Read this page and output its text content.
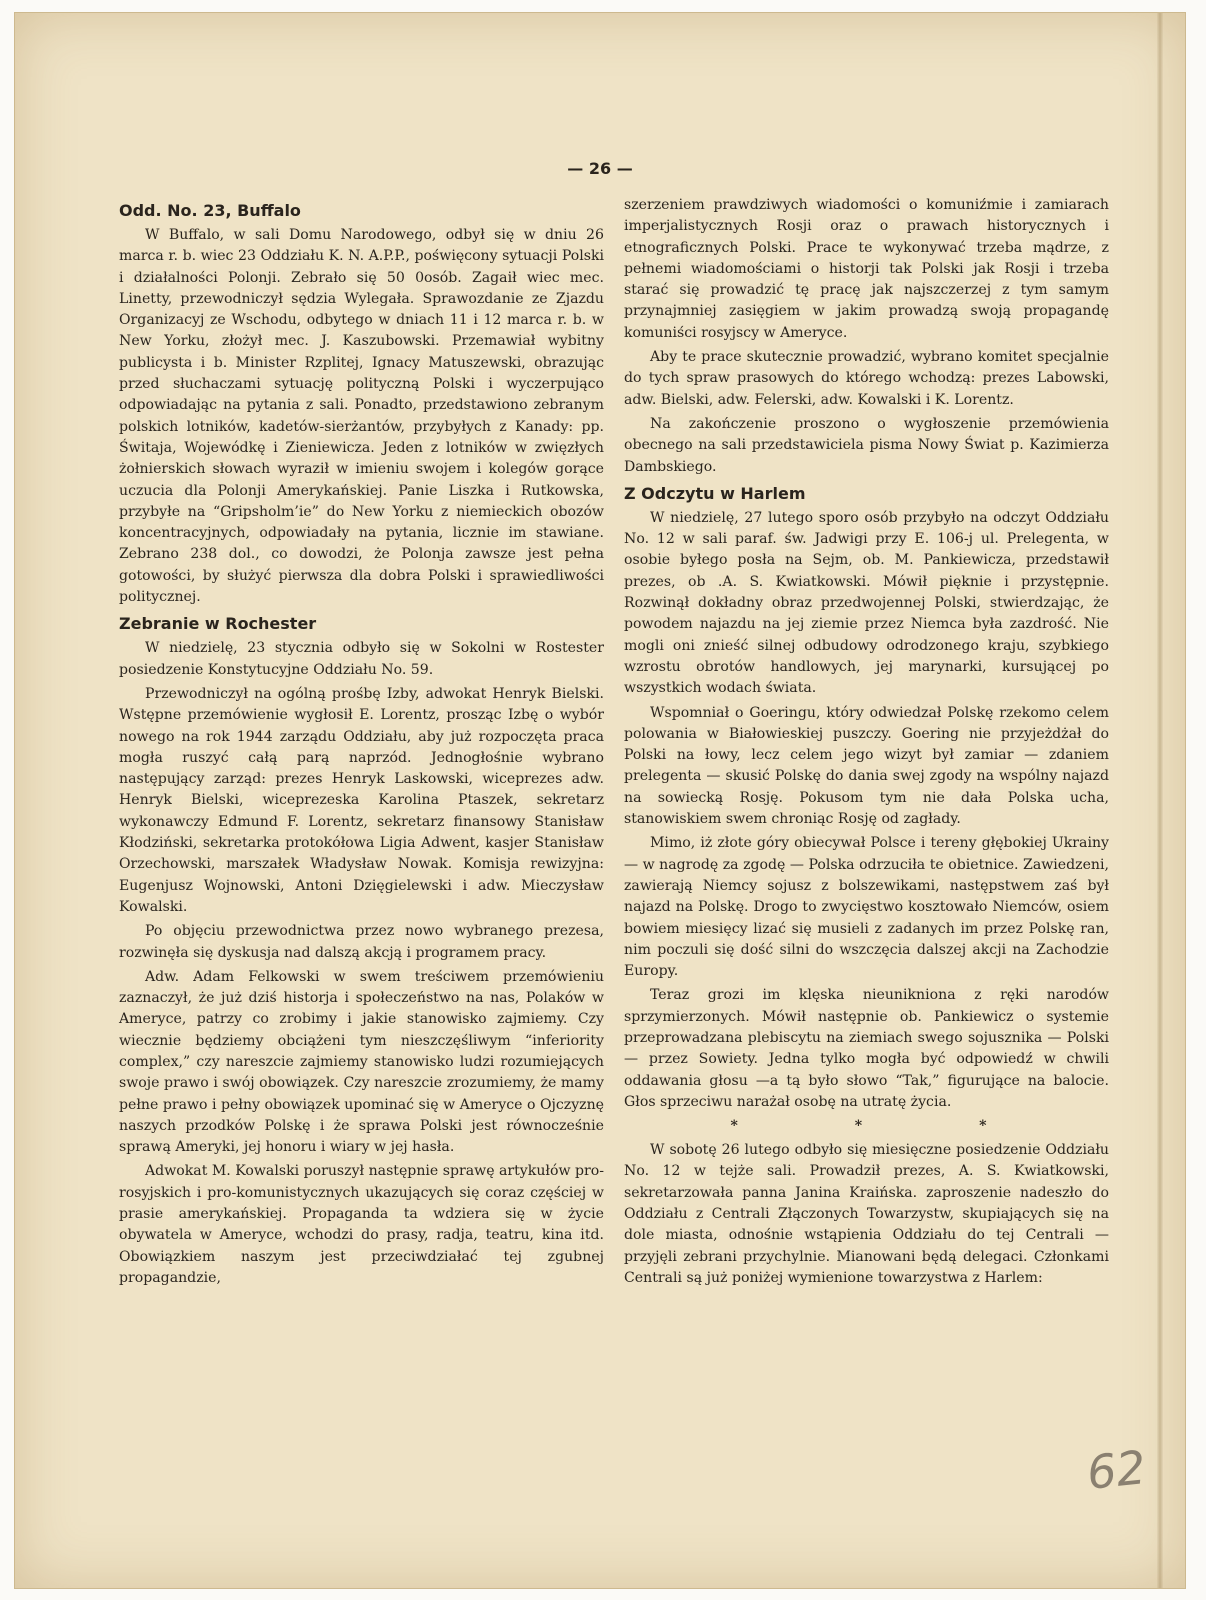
— 26 —
Odd. No. 23, Buffalo

W Buffalo, w sali Domu Narodowego, odbył się w dniu 26 marca r. b. wiec 23 Oddziału K. N. A.P.P., poświęcony sytuacji Polski i działalności Polonji. Zebrało się 50 0osób. Zagaił wiec mec. Linetty, przewodniczył sędzia Wylegała. Sprawozdanie ze Zjazdu Organizacyj ze Wschodu, odbytego w dniach 11 i 12 marca r. b. w New Yorku, złożył mec. J. Kaszubowski. Przemawiał wybitny publicysta i b. Minister Rzplitej, Ignacy Matuszewski, obrazując przed słuchaczami sytuację polityczną Polski i wyczerpująco odpowiadając na pytania z sali. Ponadto, przedstawiono zebranym polskich lotników, kadetów-sierżantów, przybyłych z Kanady: pp. Świtaja, Wojewódkę i Zieniewicza. Jeden z lotników w zwięzłych żołnierskich słowach wyraził w imieniu swojem i kolegów gorące uczucia dla Polonji Amerykańskiej. Panie Liszka i Rutkowska, przybyłe na “Gripsholm’ie” do New Yorku z niemieckich obozów koncentracyjnych, odpowiadały na pytania, licznie im stawiane. Zebrano 238 dol., co dowodzi, że Polonja zawsze jest pełna gotowości, by służyć pierwsza dla dobra Polski i sprawiedliwości politycznej.

Zebranie w Rochester

W niedzielę, 23 stycznia odbyło się w Sokolni w Rostester posiedzenie Konstytucyjne Oddziału No. 59.

Przewodniczył na ogólną prośbę Izby, adwokat Henryk Bielski. Wstępne przemówienie wygłosił E. Lorentz, prosząc Izbę o wybór nowego na rok 1944 zarządu Oddziału, aby już rozpoczęta praca mogła ruszyć całą parą naprzód. Jednogłośnie wybrano następujący zarząd: prezes Henryk Laskowski, wiceprezes adw. Henryk Bielski, wiceprezeska Karolina Ptaszek, sekretarz wykonawczy Edmund F. Lorentz, sekretarz finansowy Stanisław Kłodziński, sekretarka protokółowa Ligia Adwent, kasjer Stanisław Orzechowski, marszałek Władysław Nowak. Komisja rewizyjna: Eugenjusz Wojnowski, Antoni Dzięgielewski i adw. Mieczysław Kowalski.

Po objęciu przewodnictwa przez nowo wybranego prezesa, rozwinęła się dyskusja nad dalszą akcją i programem pracy.

Adw. Adam Felkowski w swem treściwem przemówieniu zaznaczył, że już dziś historja i społeczeństwo na nas, Polaków w Ameryce, patrzy co zrobimy i jakie stanowisko zajmiemy. Czy wiecznie będziemy obciążeni tym nieszczęśliwym “inferiority complex,” czy nareszcie zajmiemy stanowisko ludzi rozumiejących swoje prawo i swój obowiązek. Czy nareszcie zrozumiemy, że mamy pełne prawo i pełny obowiązek upominać się w Ameryce o Ojczyznę naszych przodków Polskę i że sprawa Polski jest równocześnie sprawą Ameryki, jej honoru i wiary w jej hasła.

Adwokat M. Kowalski poruszył następnie sprawę artykułów pro-rosyjskich i pro-komunistycznych ukazujących się coraz częściej w prasie amerykańskiej. Propaganda ta wdziera się w życie obywatela w Ameryce, wchodzi do prasy, radja, teatru, kina itd. Obowiązkiem naszym jest przeciwdziałać tej zgubnej propagandzie,

szerzeniem prawdziwych wiadomości o komuniźmie i zamiarach imperjalistycznych Rosji oraz o prawach historycznych i etnograficznych Polski. Prace te wykonywać trzeba mądrze, z pełnemi wiadomościami o historji tak Polski jak Rosji i trzeba starać się prowadzić tę pracę jak najszczerzej z tym samym przynajmniej zasięgiem w jakim prowadzą swoją propagandę komuniści rosyjscy w Ameryce.

Aby te prace skutecznie prowadzić, wybrano komitet specjalnie do tych spraw prasowych do którego wchodzą: prezes Labowski, adw. Bielski, adw. Felerski, adw. Kowalski i K. Lorentz.

Na zakończenie proszono o wygłoszenie przemówienia obecnego na sali przedstawiciela pisma Nowy Świat p. Kazimierza Dambskiego.

Z Odczytu w Harlem

W niedzielę, 27 lutego sporo osób przybyło na odczyt Oddziału No. 12 w sali paraf. św. Jadwigi przy E. 106-j ul. Prelegenta, w osobie byłego posła na Sejm, ob. M. Pankiewicza, przedstawił prezes, ob .A. S. Kwiatkowski. Mówił pięknie i przystępnie. Rozwinął dokładny obraz przedwojennej Polski, stwierdzając, że powodem najazdu na jej ziemie przez Niemca była zazdrość. Nie mogli oni znieść silnej odbudowy odrodzonego kraju, szybkiego wzrostu obrotów handlowych, jej marynarki, kursującej po wszystkich wodach świata.

Wspomniał o Goeringu, który odwiedzał Polskę rzekomo celem polowania w Białowieskiej puszczy. Goering nie przyjeżdżał do Polski na łowy, lecz celem jego wizyt był zamiar — zdaniem prelegenta — skusić Polskę do dania swej zgody na wspólny najazd na sowiecką Rosję. Pokusom tym nie dała Polska ucha, stanowiskiem swem chroniąc Rosję od zagłady.

Mimo, iż złote góry obiecywał Polsce i tereny głębokiej Ukrainy — w nagrodę za zgodę — Polska odrzuciła te obietnice. Zawiedzeni, zawierają Niemcy sojusz z bolszewikami, następstwem zaś był najazd na Polskę. Drogo to zwycięstwo kosztowało Niemców, osiem bowiem miesięcy lizać się musieli z zadanych im przez Polskę ran, nim poczuli się dość silni do wszczęcia dalszej akcji na Zachodzie Europy.

Teraz grozi im klęska nieunikniona z ręki narodów sprzymierzonych. Mówił następnie ob. Pankiewicz o systemie przeprowadzana plebiscytu na ziemiach swego sojusznika — Polski — przez Sowiety. Jedna tylko mogła być odpowiedź w chwili oddawania głosu —a tą było słowo “Tak,” figurujące na balocie. Głos sprzeciwu narażał osobę na utratę życia.

* * *

W sobotę 26 lutego odbyło się miesięczne posiedzenie Oddziału No. 12 w tejże sali. Prowadził prezes, A. S. Kwiatkowski, sekretarzowała panna Janina Kraińska. zaproszenie nadeszło do Oddziału z Centrali Złączonych Towarzystw, skupiających się na dole miasta, odnośnie wstąpienia Oddziału do tej Centrali — przyjęli zebrani przychylnie. Mianowani będą delegaci. Członkami Centrali są już poniżej wymienione towarzystwa z Harlem:

62
